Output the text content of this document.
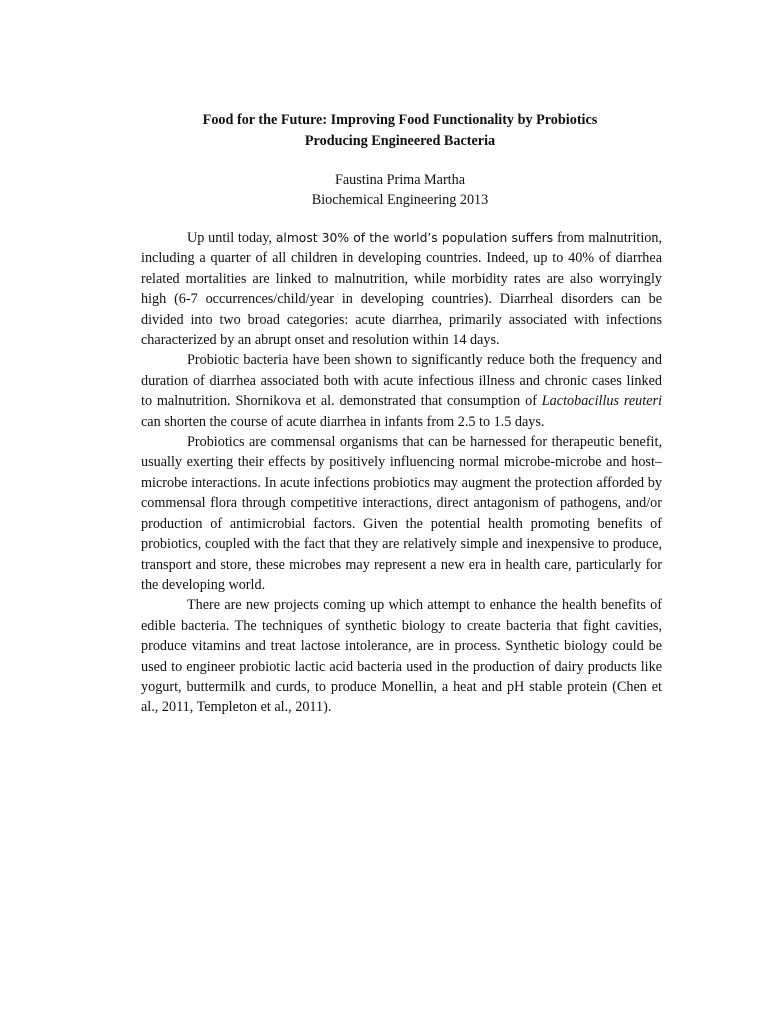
Food for the Future: Improving Food Functionality by Probiotics
Producing Engineered Bacteria

Faustina Prima Martha
Biochemical Engineering 2013

Up until today, almost 30% of the world’s population suffers from malnutrition, including a quarter of all children in developing countries. Indeed, up to 40% of diarrhea related mortalities are linked to malnutrition, while morbidity rates are also worryingly high (6-7 occurrences/child/year in developing countries). Diarrheal disorders can be divided into two broad categories: acute diarrhea, primarily associated with infections characterized by an abrupt onset and resolution within 14 days.

Probiotic bacteria have been shown to significantly reduce both the frequency and duration of diarrhea associated both with acute infectious illness and chronic cases linked to malnutrition. Shornikova et al. demonstrated that consumption of Lactobacillus reuteri can shorten the course of acute diarrhea in infants from 2.5 to 1.5 days.

Probiotics are commensal organisms that can be harnessed for therapeutic benefit, usually exerting their effects by positively influencing normal microbe-microbe and host–microbe interactions. In acute infections probiotics may augment the protection afforded by commensal flora through competitive interactions, direct antagonism of pathogens, and/or production of antimicrobial factors. Given the potential health promoting benefits of probiotics, coupled with the fact that they are relatively simple and inexpensive to produce, transport and store, these microbes may represent a new era in health care, particularly for the developing world.

There are new projects coming up which attempt to enhance the health benefits of edible bacteria. The techniques of synthetic biology to create bacteria that fight cavities, produce vitamins and treat lactose intolerance, are in process. Synthetic biology could be used to engineer probiotic lactic acid bacteria used in the production of dairy products like yogurt, buttermilk and curds, to produce Monellin, a heat and pH stable protein (Chen et al., 2011, Templeton et al., 2011).
